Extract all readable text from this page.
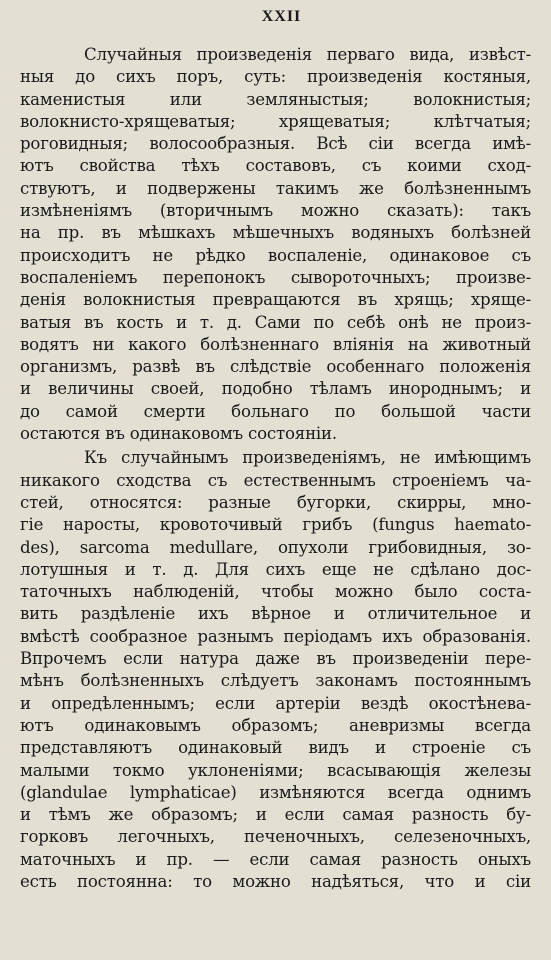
XXII
Случайныя произведенія перваго вида, извѣст-
ныя до сихъ поръ, суть: произведенія костяныя,
каменистыя или земляныстыя; волокнистыя;
волокнисто-хрящеватыя; хрящеватыя; клѣтчатыя;
роговидныя; волосообразныя. Всѣ сіи всегда имѣ-
ютъ свойства тѣхъ составовъ, съ коими сход-
ствуютъ, и подвержены такимъ же болѣзненнымъ
измѣненіямъ (вторичнымъ можно сказать): такъ
на пр. въ мѣшкахъ мѣшечныхъ водяныхъ болѣзней
происходитъ не рѣдко воспаленіе, одинаковое съ
воспаленіемъ перепонокъ сывороточныхъ; произве-
денія волокнистыя превращаются въ хрящь; хряще-
ватыя въ кость и т. д. Сами по себѣ онѣ не произ-
водятъ ни какого болѣзненнаго вліянія на животный
организмъ, развѣ въ слѣдствіе особеннаго положенія
и величины своей, подобно тѣламъ инороднымъ; и
до самой смерти больнаго по большой части
остаются въ одинаковомъ состояніи.
Къ случайнымъ произведеніямъ, не имѣющимъ
никакого сходства съ естественнымъ строеніемъ ча-
стей, относятся: разные бугорки, скирры, мно-
гіе наросты, кровоточивый грибъ (fungus haemato-
des), sarcoma medullare, опухоли грибовидныя, зо-
лотушныя и т. д. Для сихъ еще не сдѣлано дос-
таточныхъ наблюденій, чтобы можно было состa-
вить раздѣленіе ихъ вѣрное и отличительное и
вмѣстѣ сообразное разнымъ періодамъ ихъ образованія.
Впрочемъ если натура даже въ произведеніи пере-
мѣнъ болѣзненныхъ слѣдуетъ законамъ постояннымъ
и опредѣленнымъ; если артеріи вездѣ окостѣнева-
ютъ одинаковымъ образомъ; аневризмы всегда
представляютъ одинаковый видъ и строеніе съ
малыми токмо уклоненіями; всасывающія железы
(glandulae lymphaticae) измѣняются всегда однимъ
и тѣмъ же образомъ; и если самая разность бу-
горковъ легочныхъ, печеночныхъ, селезеночныхъ,
маточныхъ и пр. — если самая разность оныхъ
есть постоянна: то можно надѣяться, что и сіи
